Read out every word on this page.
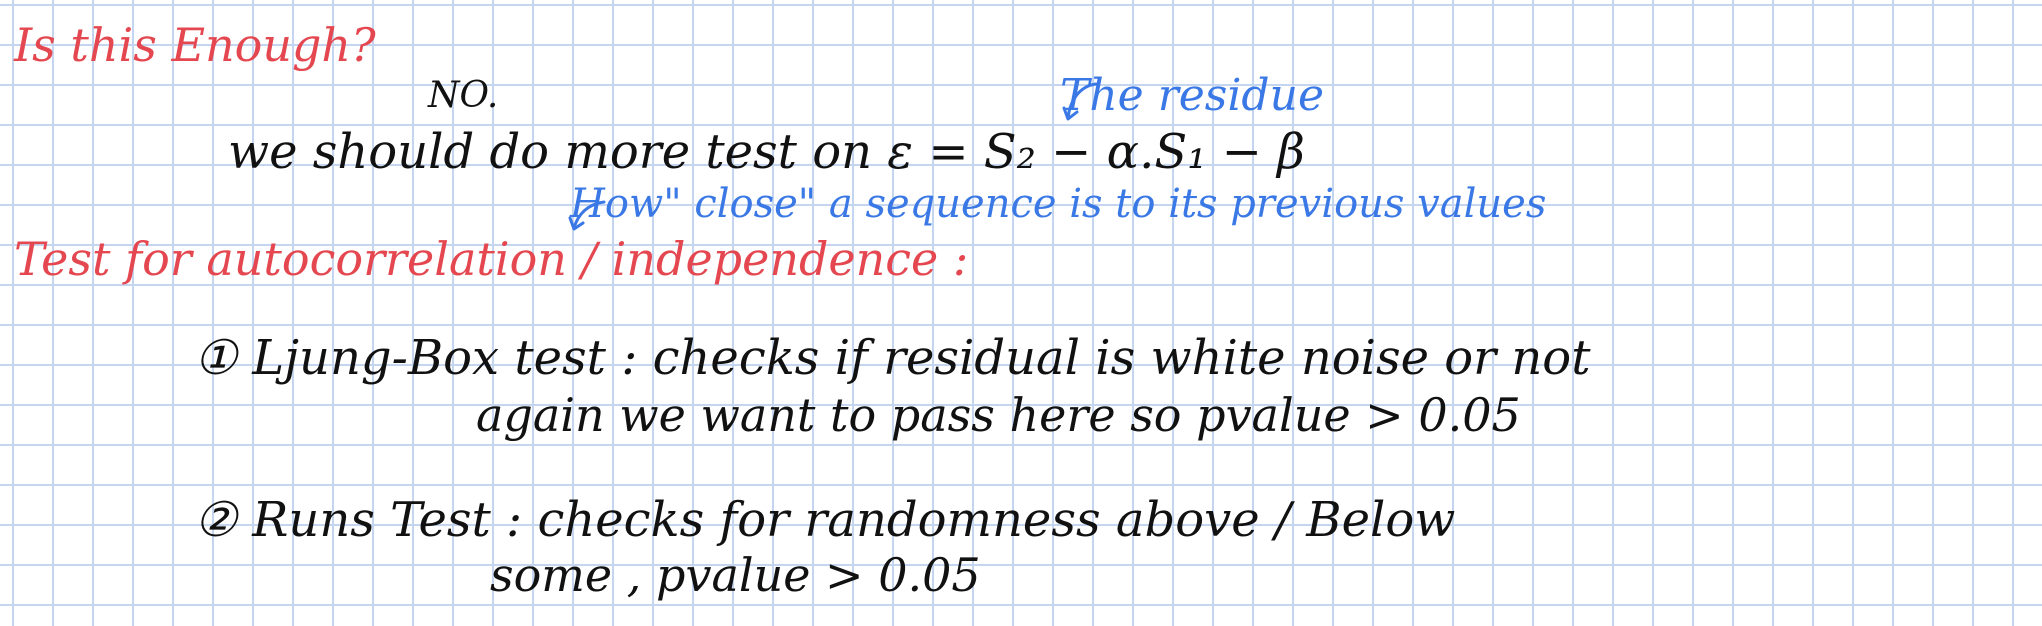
Is this Enough?
NO.	The residue
we should do more test on ε = S₂ − α.S₁ − β
How" close" a sequence is to its previous values
Test for autocorrelation / independence :
① Ljung-Box test : checks if residual is white noise or not
again we want to pass here so pvalue > 0.05
② Runs Test : checks for randomness above / Below
some , pvalue > 0.05
